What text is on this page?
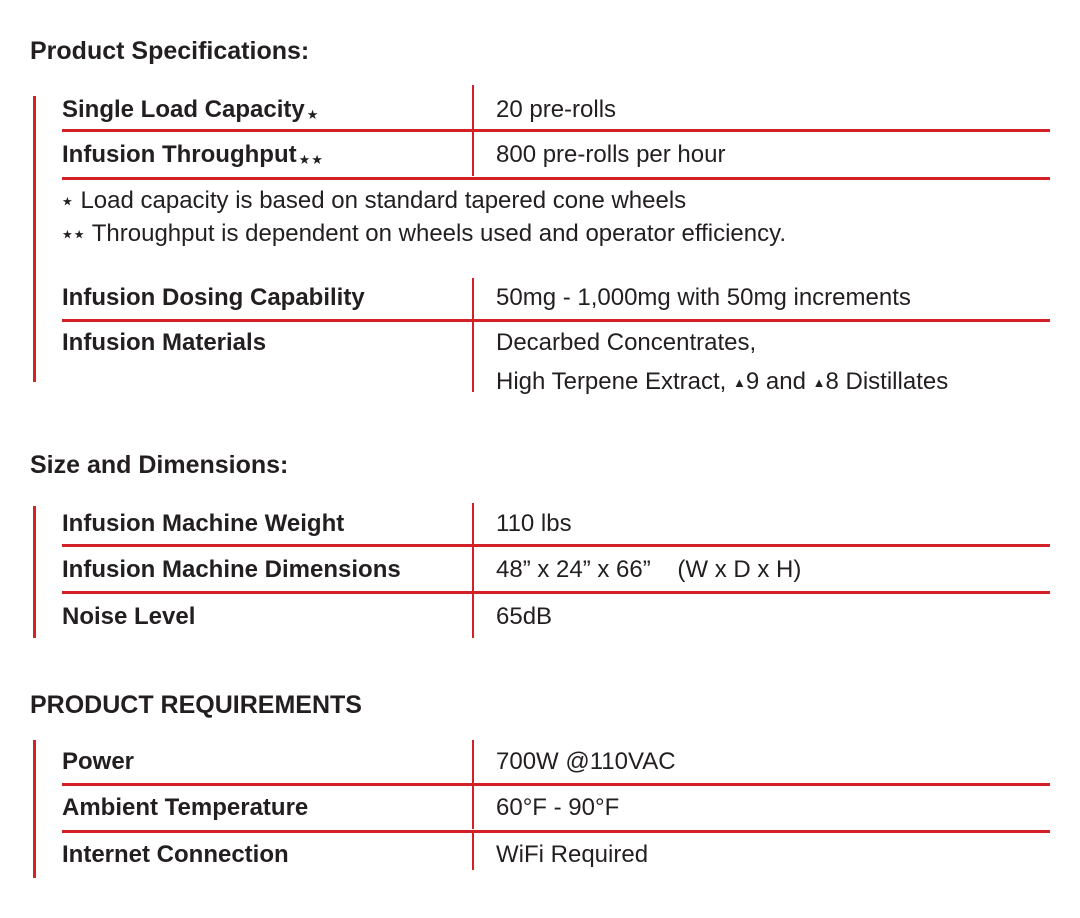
Product Specifications:
Single Load Capacity ★	20 pre-rolls
Infusion Throughput ★★	800 pre-rolls per hour
★ Load capacity is based on standard tapered cone wheels
★★ Throughput is dependent on wheels used and operator efficiency.
Infusion Dosing Capability	50mg - 1,000mg with 50mg increments
Infusion Materials	Decarbed Concentrates,
High Terpene Extract, ▲9 and ▲8 Distillates
Size and Dimensions:
Infusion Machine Weight	110 lbs
Infusion Machine Dimensions	48” x 24” x 66”    (W x D x H)
Noise Level	65dB
PRODUCT REQUIREMENTS
Power	700W @110VAC
Ambient Temperature	60°F - 90°F
Internet Connection	WiFi Required
